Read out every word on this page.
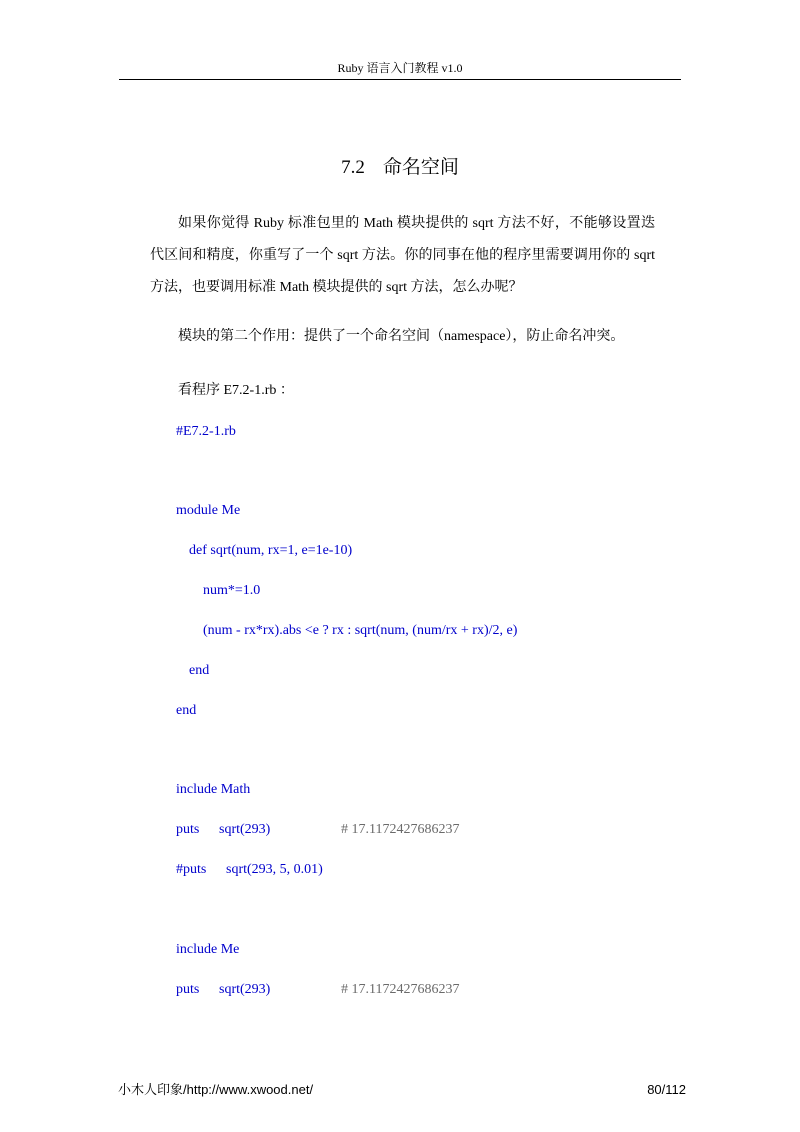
Ruby 语言入门教程 v1.0
7.2 命名空间

如果你觉得 Ruby 标准包里的 Math 模块提供的 sqrt 方法不好，不能够设置迭代区间和精度，你重写了一个 sqrt 方法。你的同事在他的程序里需要调用你的 sqrt 方法，也要调用标准 Math 模块提供的 sqrt 方法，怎么办呢？

模块的第二个作用：提供了一个命名空间（namespace），防止命名冲突。

看程序 E7.2-1.rb ：

#E7.2-1.rb
module Me
def sqrt(num, rx=1, e=1e-10)
num*=1.0
(num - rx*rx).abs <e ? rx : sqrt(num, (num/rx + rx)/2, e)
end
end
include Math
puts sqrt(293)	# 17.1172427686237
#puts sqrt(293, 5, 0.01)
include Me
puts sqrt(293)	# 17.1172427686237
小木人印象/http://www.xwood.net/	80/112
